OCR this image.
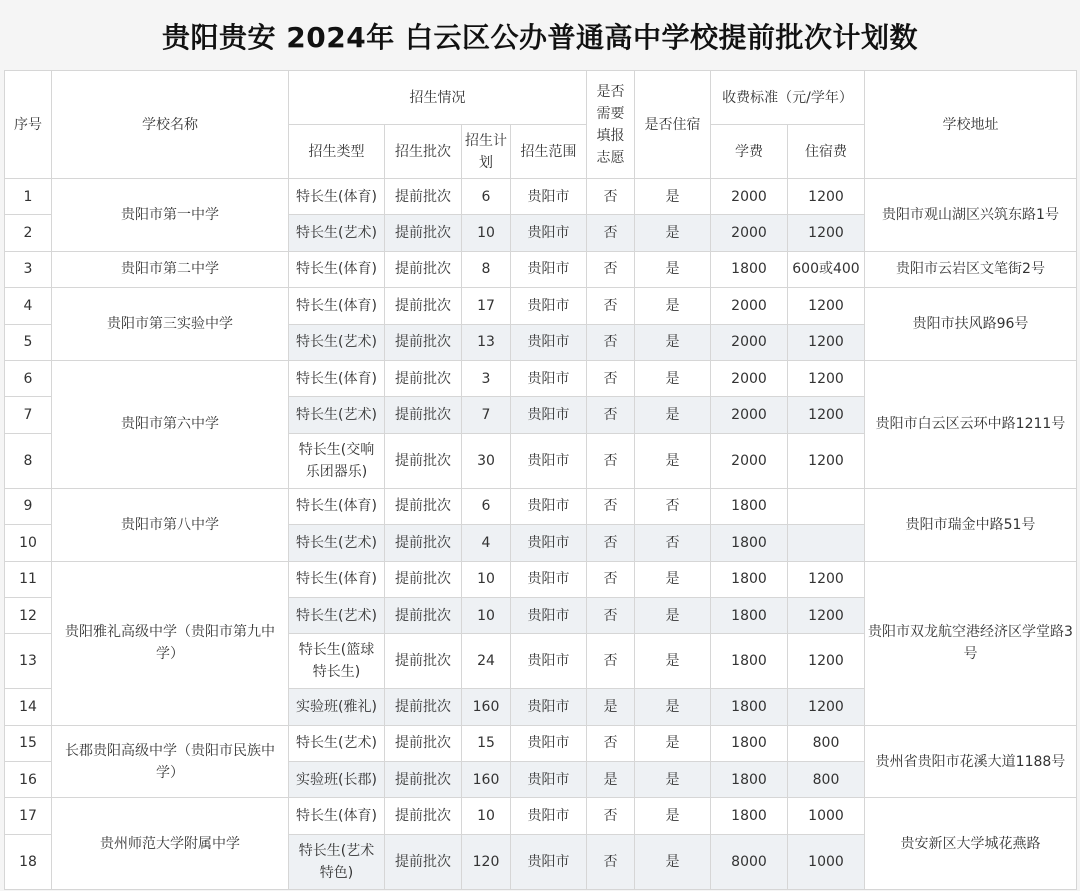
贵阳贵安 2024年 白云区公办普通高中学校提前批次计划数
序号	学校名称	招生情况				是否需要填报志愿	是否住宿	收费标准（元/学年）		学校地址
		招生类型	招生批次	招生计划	招生范围			学费	住宿费	
1	贵阳市第一中学	特长生(体育)	提前批次	6	贵阳市	否	是	2000	1200	贵阳市观山湖区兴筑东路1号
2		特长生(艺术)	提前批次	10	贵阳市	否	是	2000	1200	
3	贵阳市第二中学	特长生(体育)	提前批次	8	贵阳市	否	是	1800	600或400	贵阳市云岩区文笔街2号
4	贵阳市第三实验中学	特长生(体育)	提前批次	17	贵阳市	否	是	2000	1200	贵阳市扶风路96号
5		特长生(艺术)	提前批次	13	贵阳市	否	是	2000	1200	
6	贵阳市第六中学	特长生(体育)	提前批次	3	贵阳市	否	是	2000	1200	贵阳市白云区云环中路1211号
7		特长生(艺术)	提前批次	7	贵阳市	否	是	2000	1200	
8		特长生(交响乐团器乐)	提前批次	30	贵阳市	否	是	2000	1200	
9	贵阳市第八中学	特长生(体育)	提前批次	6	贵阳市	否	否	1800		贵阳市瑞金中路51号
10		特长生(艺术)	提前批次	4	贵阳市	否	否	1800		
11	贵阳雅礼高级中学（贵阳市第九中学）	特长生(体育)	提前批次	10	贵阳市	否	是	1800	1200	贵阳市双龙航空港经济区学堂路3号
12		特长生(艺术)	提前批次	10	贵阳市	否	是	1800	1200	
13		特长生(篮球特长生)	提前批次	24	贵阳市	否	是	1800	1200	
14		实验班(雅礼)	提前批次	160	贵阳市	是	是	1800	1200	
15	长郡贵阳高级中学（贵阳市民族中学）	特长生(艺术)	提前批次	15	贵阳市	否	是	1800	800	贵州省贵阳市花溪大道1188号
16		实验班(长郡)	提前批次	160	贵阳市	是	是	1800	800	
17	贵州师范大学附属中学	特长生(体育)	提前批次	10	贵阳市	否	是	1800	1000	贵安新区大学城花燕路
18		特长生(艺术特色)	提前批次	120	贵阳市	否	是	8000	1000	
